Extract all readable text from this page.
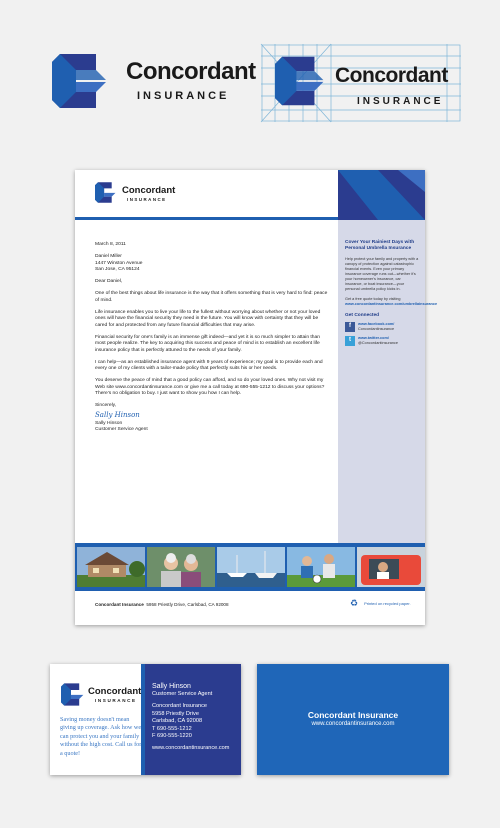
Concordant
INSURANCE
Concordant
INSURANCE
Concordant
INSURANCE

March 8, 2011

Daniel Miller
1447 Winston Avenue
San Jose, CA 95124

Dear Daniel,

One of the best things about life insurance is the way that it offers something that is very hard to find: peace of mind.

Life insurance enables you to live your life to the fullest without worrying about whether or not your loved ones will have the financial security they need in the future. You will know with certainty that they will be cared for and protected from any future financial difficulties that may arise.

Financial security for one's family is an immense gift indeed—and yet it is so much simpler to attain than most people realize. The key to acquiring this success and peace of mind is to establish an excellent life insurance policy that is perfectly attuned to the needs of your family.

I can help—as an established insurance agent with 9 years of experience; my goal is to provide each and every one of my clients with a tailor-made policy that perfectly suits his or her needs.

You deserve the peace of mind that a good policy can afford, and so do your loved ones. Why not visit my Web site www.concordantinsurance.com or give me a call today at 690-555-1212 to discuss your options? There's no obligation to buy. I just want to show you how I can help.

Sincerely,

Sally Hinson
Sally Hinson
Customer Service Agent
Cover Your Rainiest Days with Personal Umbrella Insurance

Help protect your family and property with a canopy of protection against catastrophic financial events. Even your primary insurance coverage runs out—whether it's your homeowner's insurance, car insurance, or boat insurance—your personal umbrella policy kicks in.

Get a free quote today by visiting www.concordantinsurance.com/umbrellainsurance

Get Connected
f	www.facebook.com/
Concordantinsurance
t	www.twitter.com/
@Concordantinsurance
Concordant Insurance 5958 Priestly Drive, Carlsbad, CA 92008	♻ Printed on recycled paper.
Concordant
INSURANCE
Saving money doesn't mean giving up coverage. Ask how we can protect you and your family without the high cost. Call us for a quote!
Sally Hinson
Customer Service Agent
Concordant Insurance
5958 Priestly Drive
Carlsbad, CA 92008
T 690-555-1212
F 690-555-1220
www.concordantinsurance.com
Concordant Insurance
www.concordantinsurance.com
